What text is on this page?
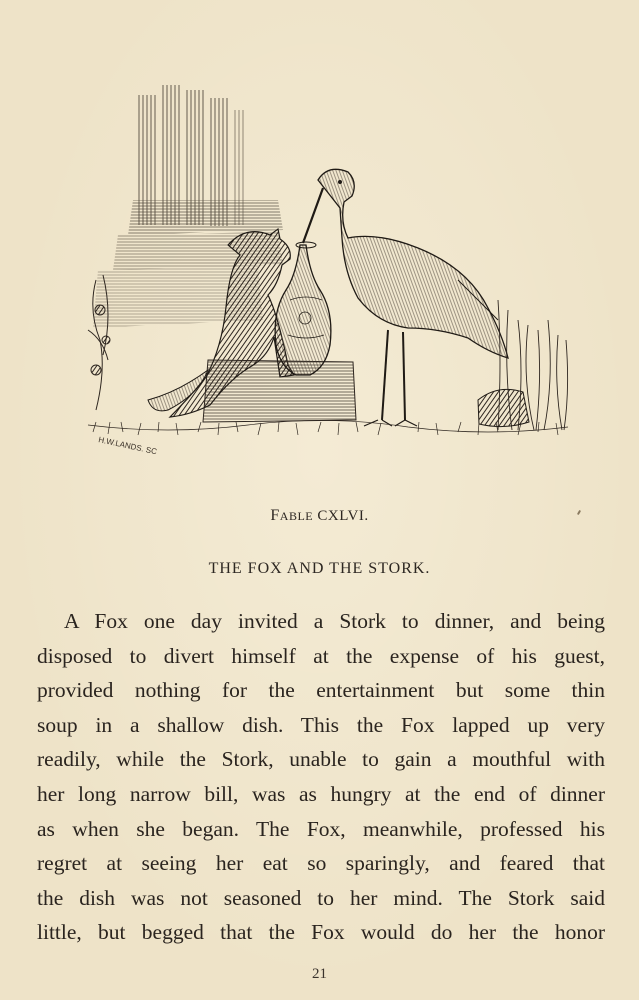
H.W.LANDS. SC
FABLE CXLVI.
THE FOX AND THE STORK.
A Fox one day invited a Stork to dinner, and being
disposed to divert himself at the expense of his guest,
provided nothing for the entertainment but some thin
soup in a shallow dish. This the Fox lapped up very
readily, while the Stork, unable to gain a mouthful with
her long narrow bill, was as hungry at the end of dinner
as when she began. The Fox, meanwhile, professed his
regret at seeing her eat so sparingly, and feared that
the dish was not seasoned to her mind. The Stork said
little, but begged that the Fox would do her the honor
21
